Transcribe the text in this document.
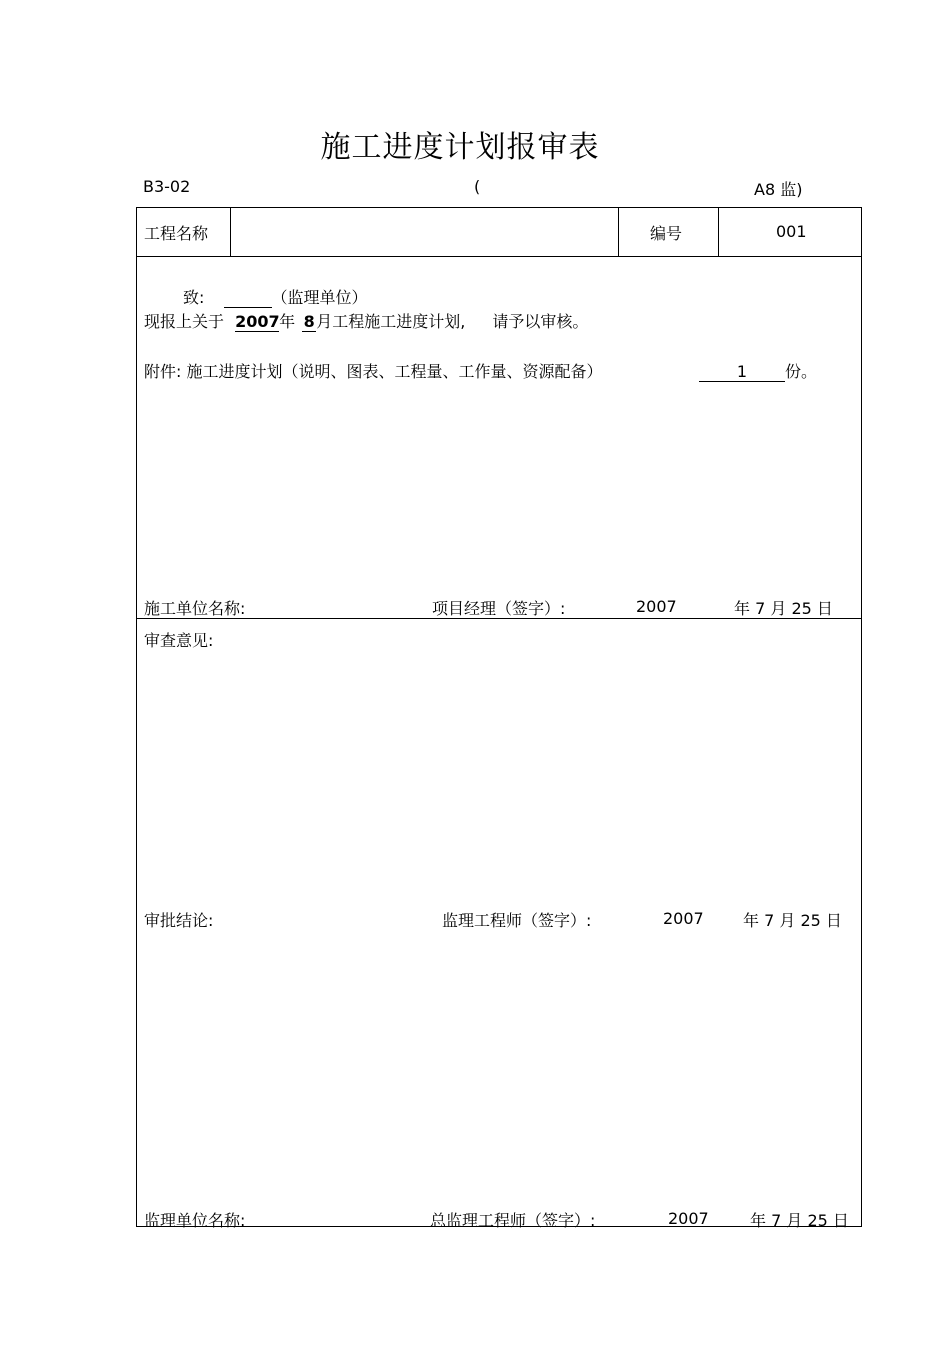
施工进度计划报审表
B3-02	(	A8 监)
工程名称	编号	001
致:	（监理单位）
现报上关于 2007年 8月工程施工进度计划, 请予以审核。
附件: 施工进度计划（说明、图表、工程量、工作量、资源配备）	1 份。
施工单位名称:	项目经理（签字）:	2007	年 7 月 25 日
审查意见:
审批结论:	监理工程师（签字）:	2007 年 7 月 25 日
监理单位名称:	总监理工程师（签字）:	2007	年 7 月 25 日
